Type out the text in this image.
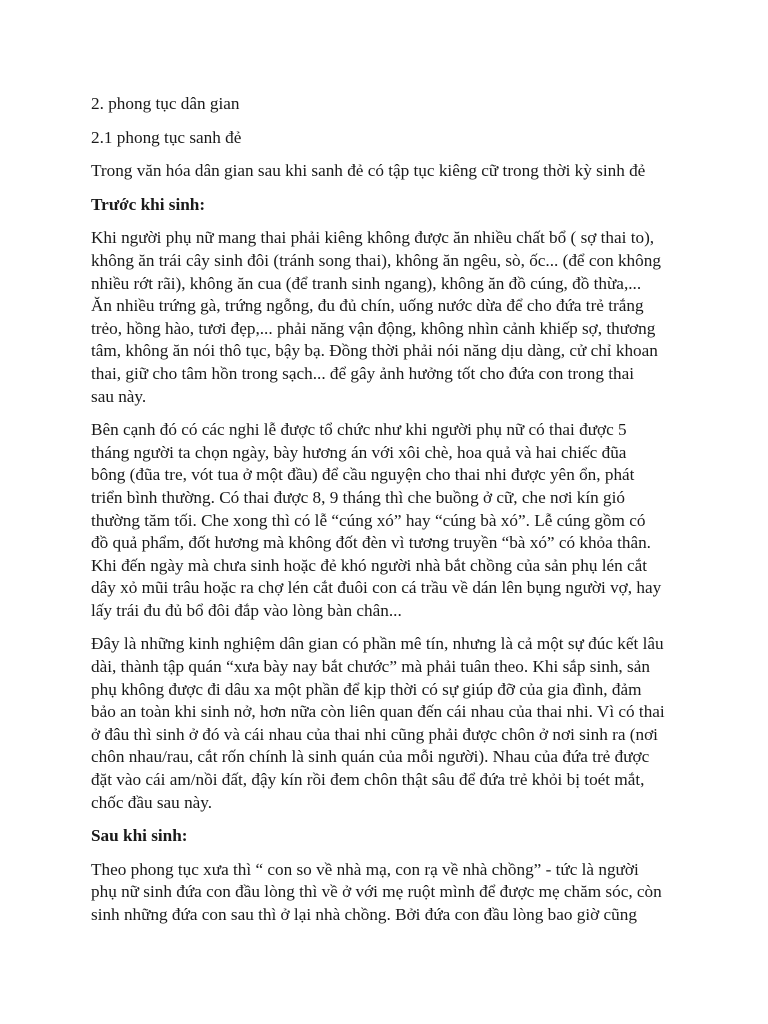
2. phong tục dân gian

2.1 phong tục sanh đẻ

Trong văn hóa dân gian sau khi sanh đẻ có tập tục kiêng cữ trong thời kỳ sinh đẻ

Trước khi sinh:

Khi người phụ nữ mang thai phải kiêng không được ăn nhiều chất bổ ( sợ thai to),
không ăn trái cây sinh đôi (tránh song thai), không ăn ngêu, sò, ốc... (để con không
nhiều rớt rãi), không ăn cua (để tranh sinh ngang), không ăn đồ cúng, đồ thừa,...
Ăn nhiều trứng gà, trứng ngỗng, đu đủ chín, uống nước dừa để cho đứa trẻ trắng
trẻo, hồng hào, tươi đẹp,... phải năng vận động, không nhìn cảnh khiếp sợ, thương
tâm, không ăn nói thô tục, bậy bạ. Đồng thời phải nói năng dịu dàng, cử chỉ khoan
thai, giữ cho tâm hồn trong sạch... để gây ảnh hưởng tốt cho đứa con trong thai
sau này.

Bên cạnh đó có các nghi lễ được tổ chức như khi người phụ nữ có thai được 5
tháng người ta chọn ngày, bày hương án với xôi chè, hoa quả và hai chiếc đũa
bông (đũa tre, vót tua ở một đầu) để cầu nguyện cho thai nhi được yên ổn, phát
triển bình thường. Có thai được 8, 9 tháng thì che buồng ở cữ, che nơi kín gió
thường tăm tối. Che xong thì có lễ “cúng xó” hay “cúng bà xó”. Lễ cúng gồm có
đồ quả phẩm, đốt hương mà không đốt đèn vì tương truyền “bà xó” có khỏa thân.
Khi đến ngày mà chưa sinh hoặc đẻ khó người nhà bắt chồng của sản phụ lén cắt
dây xỏ mũi trâu hoặc ra chợ lén cắt đuôi con cá trầu về dán lên bụng người vợ, hay
lấy trái đu đủ bổ đôi đắp vào lòng bàn chân...

Đây là những kinh nghiệm dân gian có phần mê tín, nhưng là cả một sự đúc kết lâu
dài, thành tập quán “xưa bày nay bắt chước” mà phải tuân theo. Khi sắp sinh, sản
phụ không được đi dâu xa một phần để kịp thời có sự giúp đỡ của gia đình, đảm
bảo an toàn khi sinh nở, hơn nữa còn liên quan đến cái nhau của thai nhi. Vì có thai
ở đâu thì sinh ở đó và cái nhau của thai nhi cũng phải được chôn ở nơi sinh ra (nơi
chôn nhau/rau, cắt rốn chính là sinh quán của mỗi người). Nhau của đứa trẻ được
đặt vào cái am/nồi đất, đậy kín rồi đem chôn thật sâu để đứa trẻ khỏi bị toét mắt,
chốc đầu sau này.

Sau khi sinh:

Theo phong tục xưa thì “ con so về nhà mạ, con rạ về nhà chồng” - tức là người
phụ nữ sinh đứa con đầu lòng thì về ở với mẹ ruột mình để được mẹ chăm sóc, còn
sinh những đứa con sau thì ở lại nhà chồng. Bởi đứa con đầu lòng bao giờ cũng
